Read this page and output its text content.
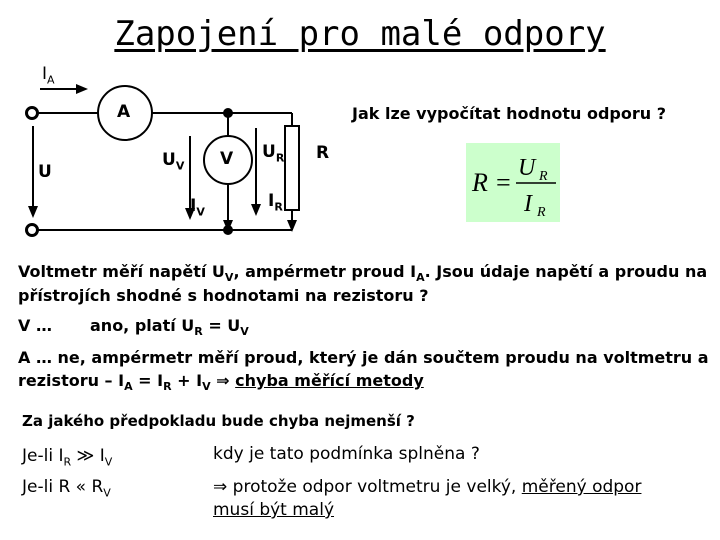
Zapojení pro malé odpory
$I_A$
A
U
$U_V$ V $U_R$ R
$I_V$
$I_R$
Jak lze vypočítat hodnotu odporu ?
R = U R
I R
Voltmetr měří napětí $U_V$, ampérmetr proud $I_A$. Jsou údaje napětí a proudu na
přístrojích shodné s hodnotami na rezistoru ?
V … ano, platí $U_R = U_V$
A … ne, ampérmetr měří proud, který je dán součtem proudu na voltmetru a
rezistoru – $I_A = I_R + I_V$ ⇒ chyba měřící metody
Za jakého předpokladu bude chyba nejmenší ?
Je-li $I_R$ ≫ $I_V$
Je-li R « $R_V$
kdy je tato podmínka splněna ?
⇒ protože odpor voltmetru je velký, měřený odpor
musí být malý
